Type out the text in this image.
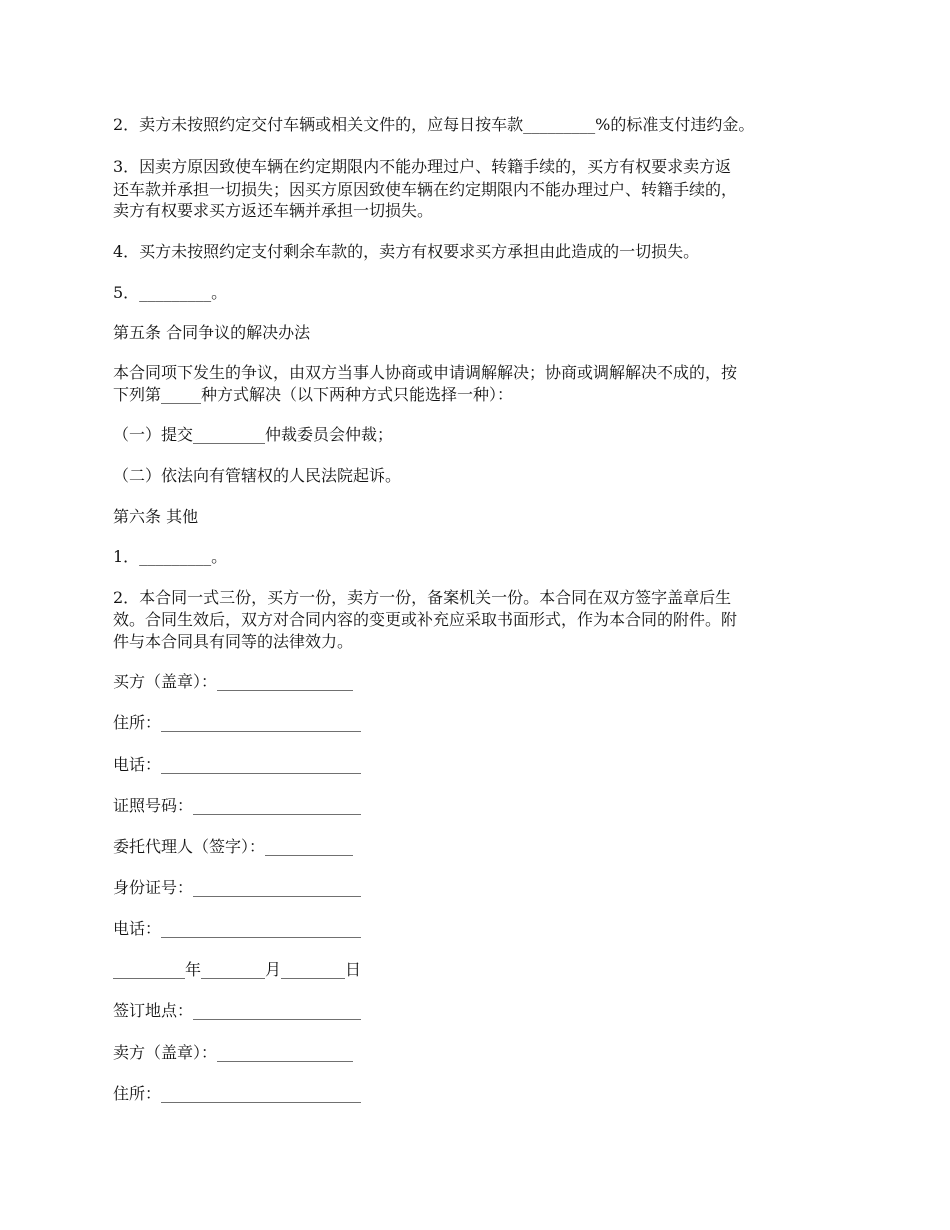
2．卖方未按照约定交付车辆或相关文件的，应每日按车款_________%的标准支付违约金。
3．因卖方原因致使车辆在约定期限内不能办理过户、转籍手续的，买方有权要求卖方返
还车款并承担一切损失；因买方原因致使车辆在约定期限内不能办理过户、转籍手续的，
卖方有权要求买方返还车辆并承担一切损失。
4．买方未按照约定支付剩余车款的，卖方有权要求买方承担由此造成的一切损失。
5．_________。
第五条 合同争议的解决办法
本合同项下发生的争议，由双方当事人协商或申请调解解决；协商或调解解决不成的，按
下列第_____种方式解决（以下两种方式只能选择一种）：
（一）提交_________仲裁委员会仲裁；
（二）依法向有管辖权的人民法院起诉。
第六条 其他
1．_________。
2．本合同一式三份，买方一份，卖方一份，备案机关一份。本合同在双方签字盖章后生
效。合同生效后，双方对合同内容的变更或补充应采取书面形式，作为本合同的附件。附
件与本合同具有同等的法律效力。
买方（盖章）：_________________
住所：_________________________
电话：_________________________
证照号码：_____________________
委托代理人（签字）：___________
身份证号：_____________________
电话：_________________________
_________年________月________日
签订地点：_____________________
卖方（盖章）：_________________
住所：_________________________
